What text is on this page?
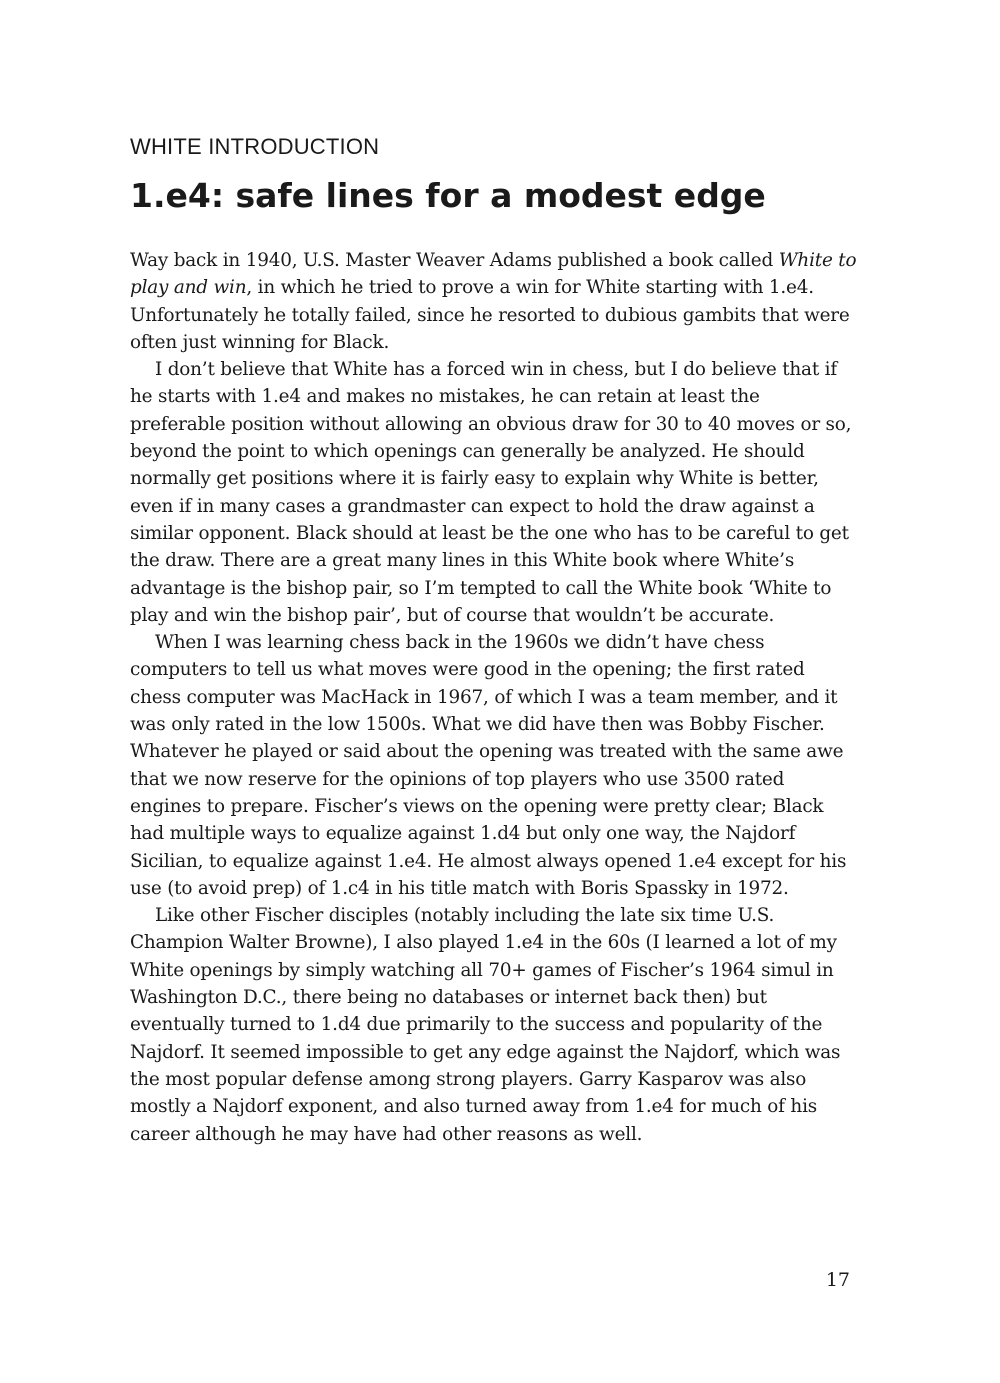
WHITE INTRODUCTION
1.e4: safe lines for a modest edge

Way back in 1940, U.S. Master Weaver Adams published a book called White to play and win, in which he tried to prove a win for White starting with 1.e4. Unfortunately he totally failed, since he resorted to dubious gambits that were often just winning for Black.

I don’t believe that White has a forced win in chess, but I do believe that if he starts with 1.e4 and makes no mistakes, he can retain at least the preferable position without allowing an obvious draw for 30 to 40 moves or so, beyond the point to which openings can generally be analyzed. He should normally get positions where it is fairly easy to explain why White is better, even if in many cases a grandmaster can expect to hold the draw against a similar opponent. Black should at least be the one who has to be careful to get the draw. There are a great many lines in this White book where White’s advantage is the bishop pair, so I’m tempted to call the White book ‘White to play and win the bishop pair’, but of course that wouldn’t be accurate.

When I was learning chess back in the 1960s we didn’t have chess computers to tell us what moves were good in the opening; the first rated chess computer was MacHack in 1967, of which I was a team member, and it was only rated in the low 1500s. What we did have then was Bobby Fischer. Whatever he played or said about the opening was treated with the same awe that we now reserve for the opinions of top players who use 3500 rated engines to prepare. Fischer’s views on the opening were pretty clear; Black had multiple ways to equalize against 1.d4 but only one way, the Najdorf Sicilian, to equalize against 1.e4. He almost always opened 1.e4 except for his use (to avoid prep) of 1.c4 in his title match with Boris Spassky in 1972.

Like other Fischer disciples (notably including the late six time U.S. Champion Walter Browne), I also played 1.e4 in the 60s (I learned a lot of my White openings by simply watching all 70+ games of Fischer’s 1964 simul in Washington D.C., there being no databases or internet back then) but eventually turned to 1.d4 due primarily to the success and popularity of the Najdorf. It seemed impossible to get any edge against the Najdorf, which was the most popular defense among strong players. Garry Kasparov was also mostly a Najdorf exponent, and also turned away from 1.e4 for much of his career although he may have had other reasons as well.

17
